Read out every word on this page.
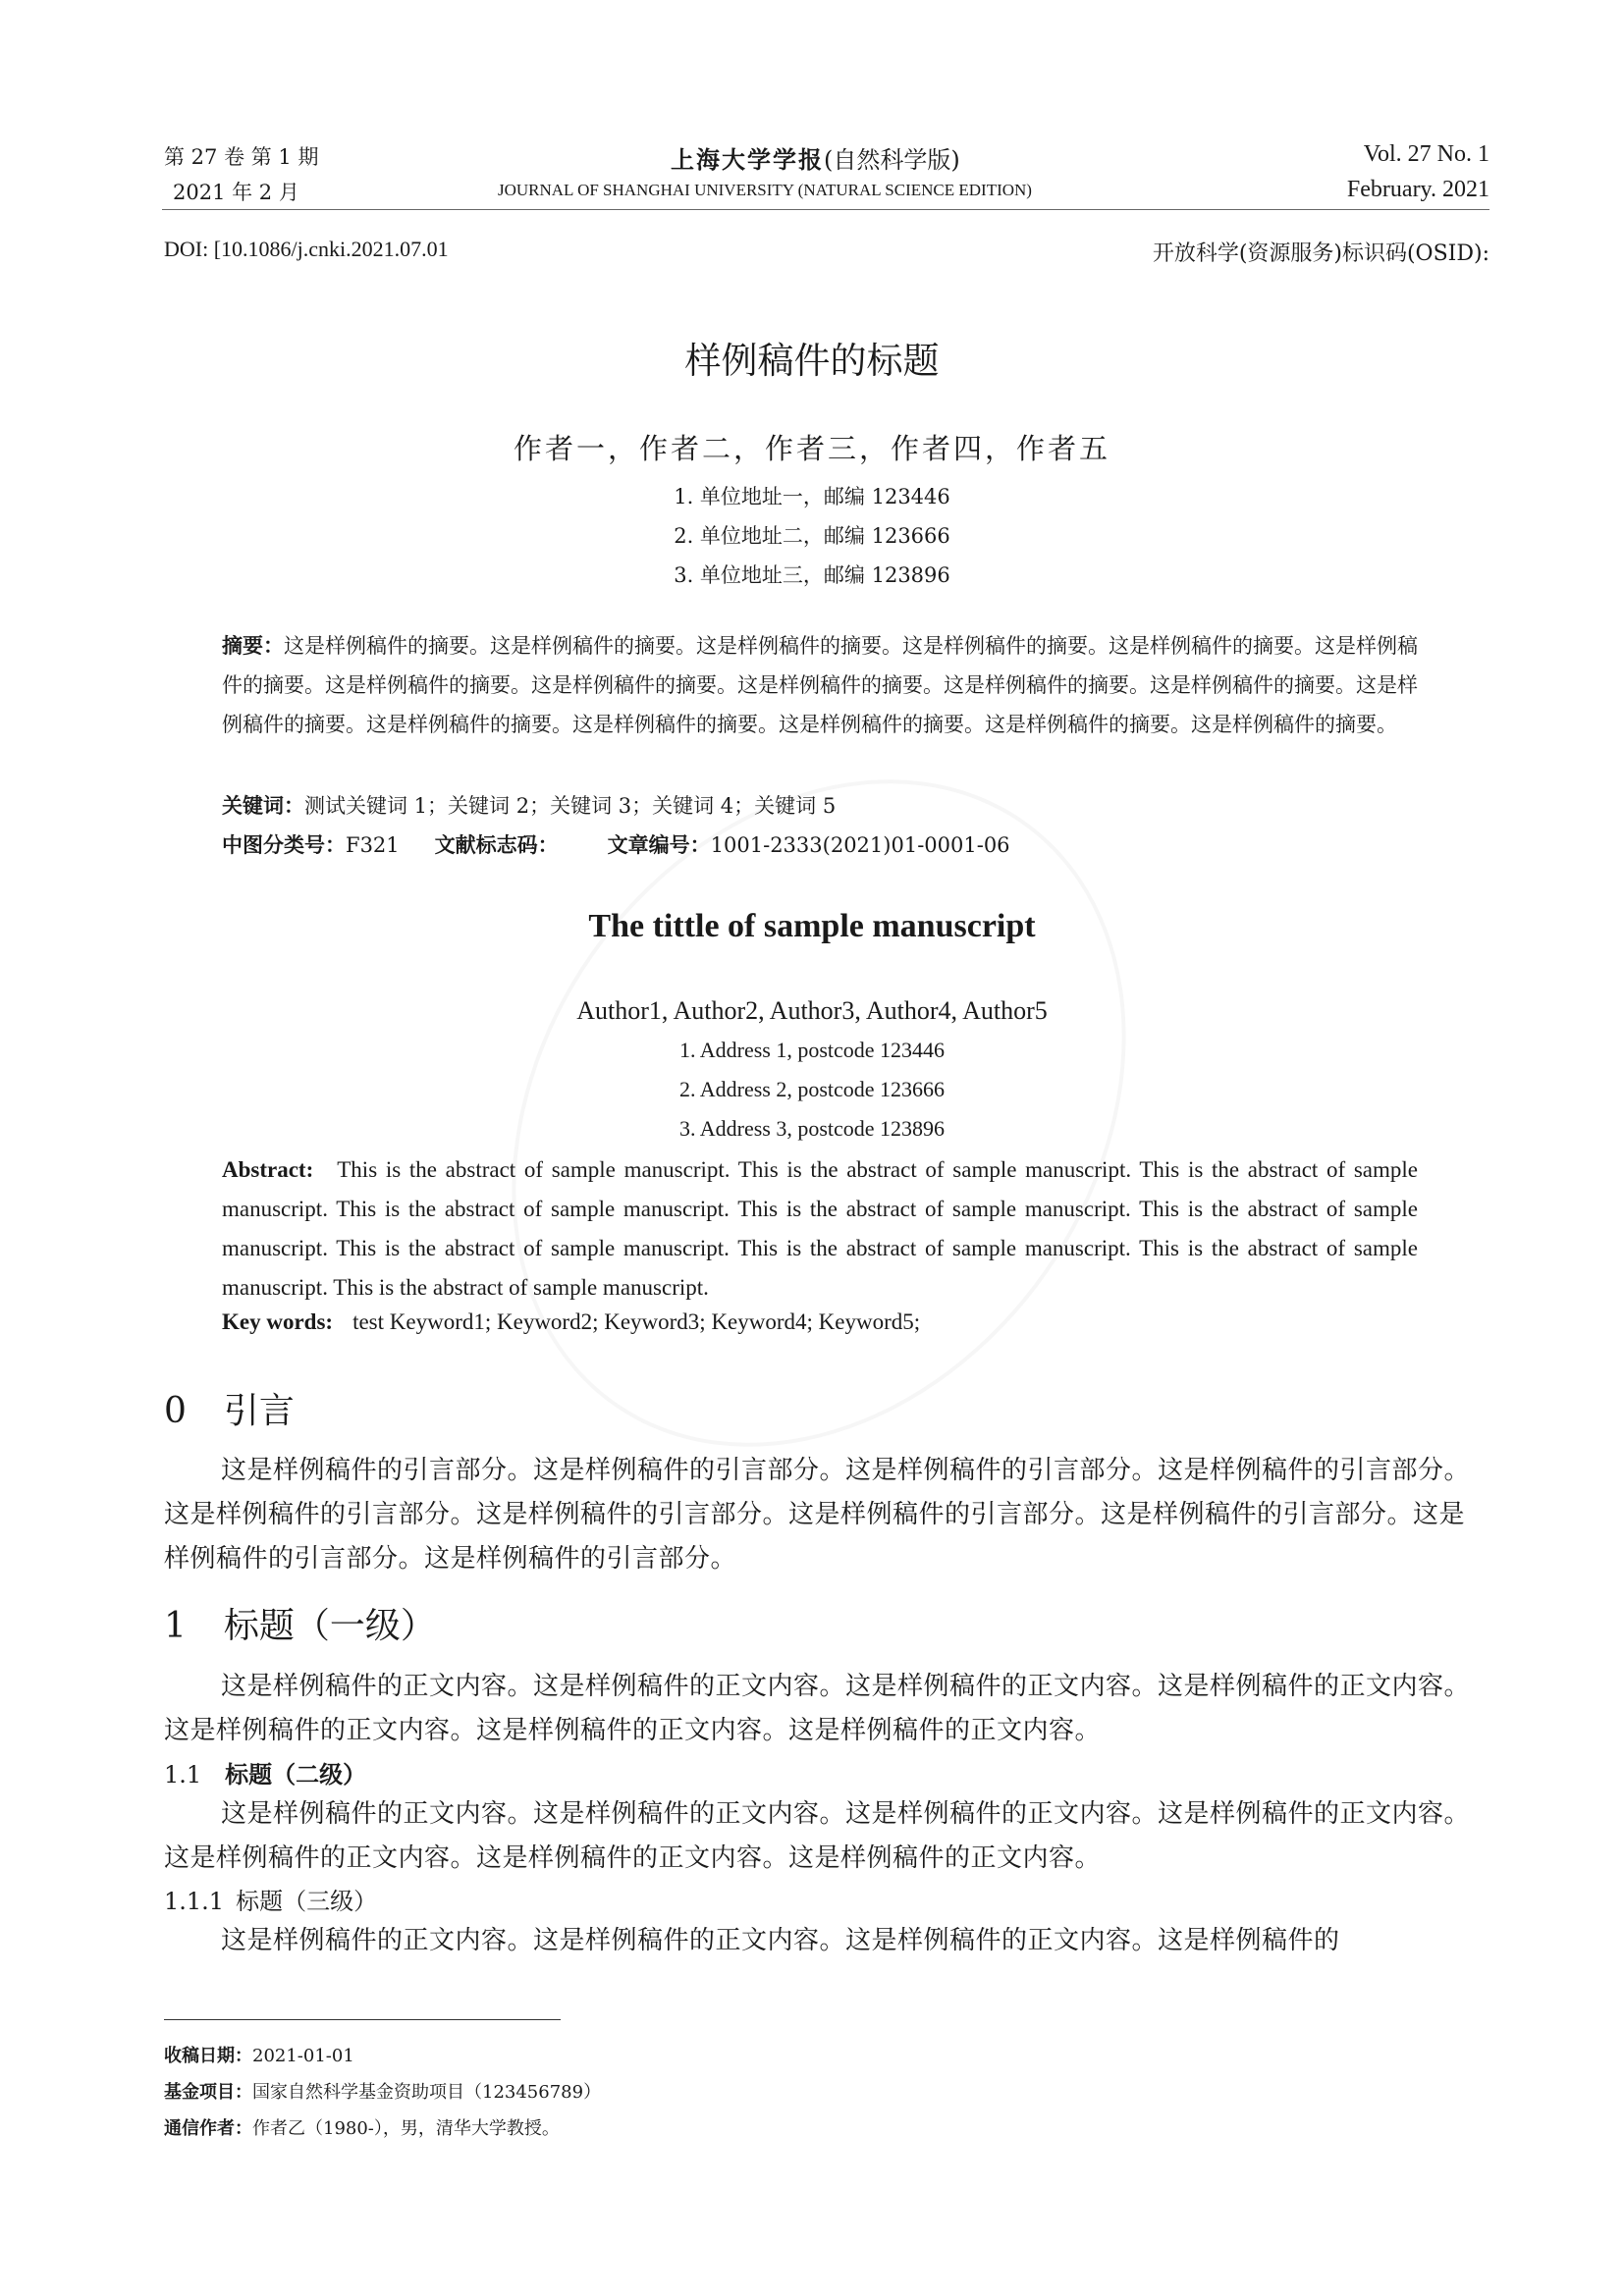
第 27 卷 第 1 期
2021 年 2 月
上海大学学报(自然科学版)
JOURNAL OF SHANGHAI UNIVERSITY (NATURAL SCIENCE EDITION)
Vol. 27 No. 1
February. 2021
DOI: [10.1086/j.cnki.2021.07.01	开放科学(资源服务)标识码(OSID):
样例稿件的标题
作者一，作者二，作者三，作者四，作者五
1. 单位地址一，邮编 123446
2. 单位地址二，邮编 123666
3. 单位地址三，邮编 123896
摘要：这是样例稿件的摘要。这是样例稿件的摘要。这是样例稿件的摘要。这是样例稿件的摘要。这是样例稿件的摘要。这是样例稿件的摘要。这是样例稿件的摘要。这是样例稿件的摘要。这是样例稿件的摘要。这是样例稿件的摘要。这是样例稿件的摘要。这是样例稿件的摘要。这是样例稿件的摘要。这是样例稿件的摘要。这是样例稿件的摘要。这是样例稿件的摘要。这是样例稿件的摘要。
关键词：测试关键词 1；关键词 2；关键词 3；关键词 4；关键词 5
中图分类号：F321 文献标志码： 文章编号：1001-2333(2021)01-0001-06
The tittle of sample manuscript
Author1, Author2, Author3, Author4, Author5
1. Address 1, postcode 123446
2. Address 2, postcode 123666
3. Address 3, postcode 123896
Abstract: This is the abstract of sample manuscript. This is the abstract of sample manuscript. This is the abstract of sample manuscript. This is the abstract of sample manuscript. This is the abstract of sample manuscript. This is the abstract of sample manuscript. This is the abstract of sample manuscript. This is the abstract of sample manuscript. This is the abstract of sample manuscript. This is the abstract of sample manuscript.
Key words: test Keyword1; Keyword2; Keyword3; Keyword4; Keyword5;
0 引言
这是样例稿件的引言部分。这是样例稿件的引言部分。这是样例稿件的引言部分。这是样例稿件的引言部分。这是样例稿件的引言部分。这是样例稿件的引言部分。这是样例稿件的引言部分。这是样例稿件的引言部分。这是样例稿件的引言部分。这是样例稿件的引言部分。
1 标题（一级）
这是样例稿件的正文内容。这是样例稿件的正文内容。这是样例稿件的正文内容。这是样例稿件的正文内容。这是样例稿件的正文内容。这是样例稿件的正文内容。这是样例稿件的正文内容。
1.1 标题（二级）
这是样例稿件的正文内容。这是样例稿件的正文内容。这是样例稿件的正文内容。这是样例稿件的正文内容。这是样例稿件的正文内容。这是样例稿件的正文内容。这是样例稿件的正文内容。
1.1.1 标题（三级）
这是样例稿件的正文内容。这是样例稿件的正文内容。这是样例稿件的正文内容。这是样例稿件的
收稿日期：2021-01-01
基金项目：国家自然科学基金资助项目（123456789）
通信作者：作者乙（1980-），男，清华大学教授。
